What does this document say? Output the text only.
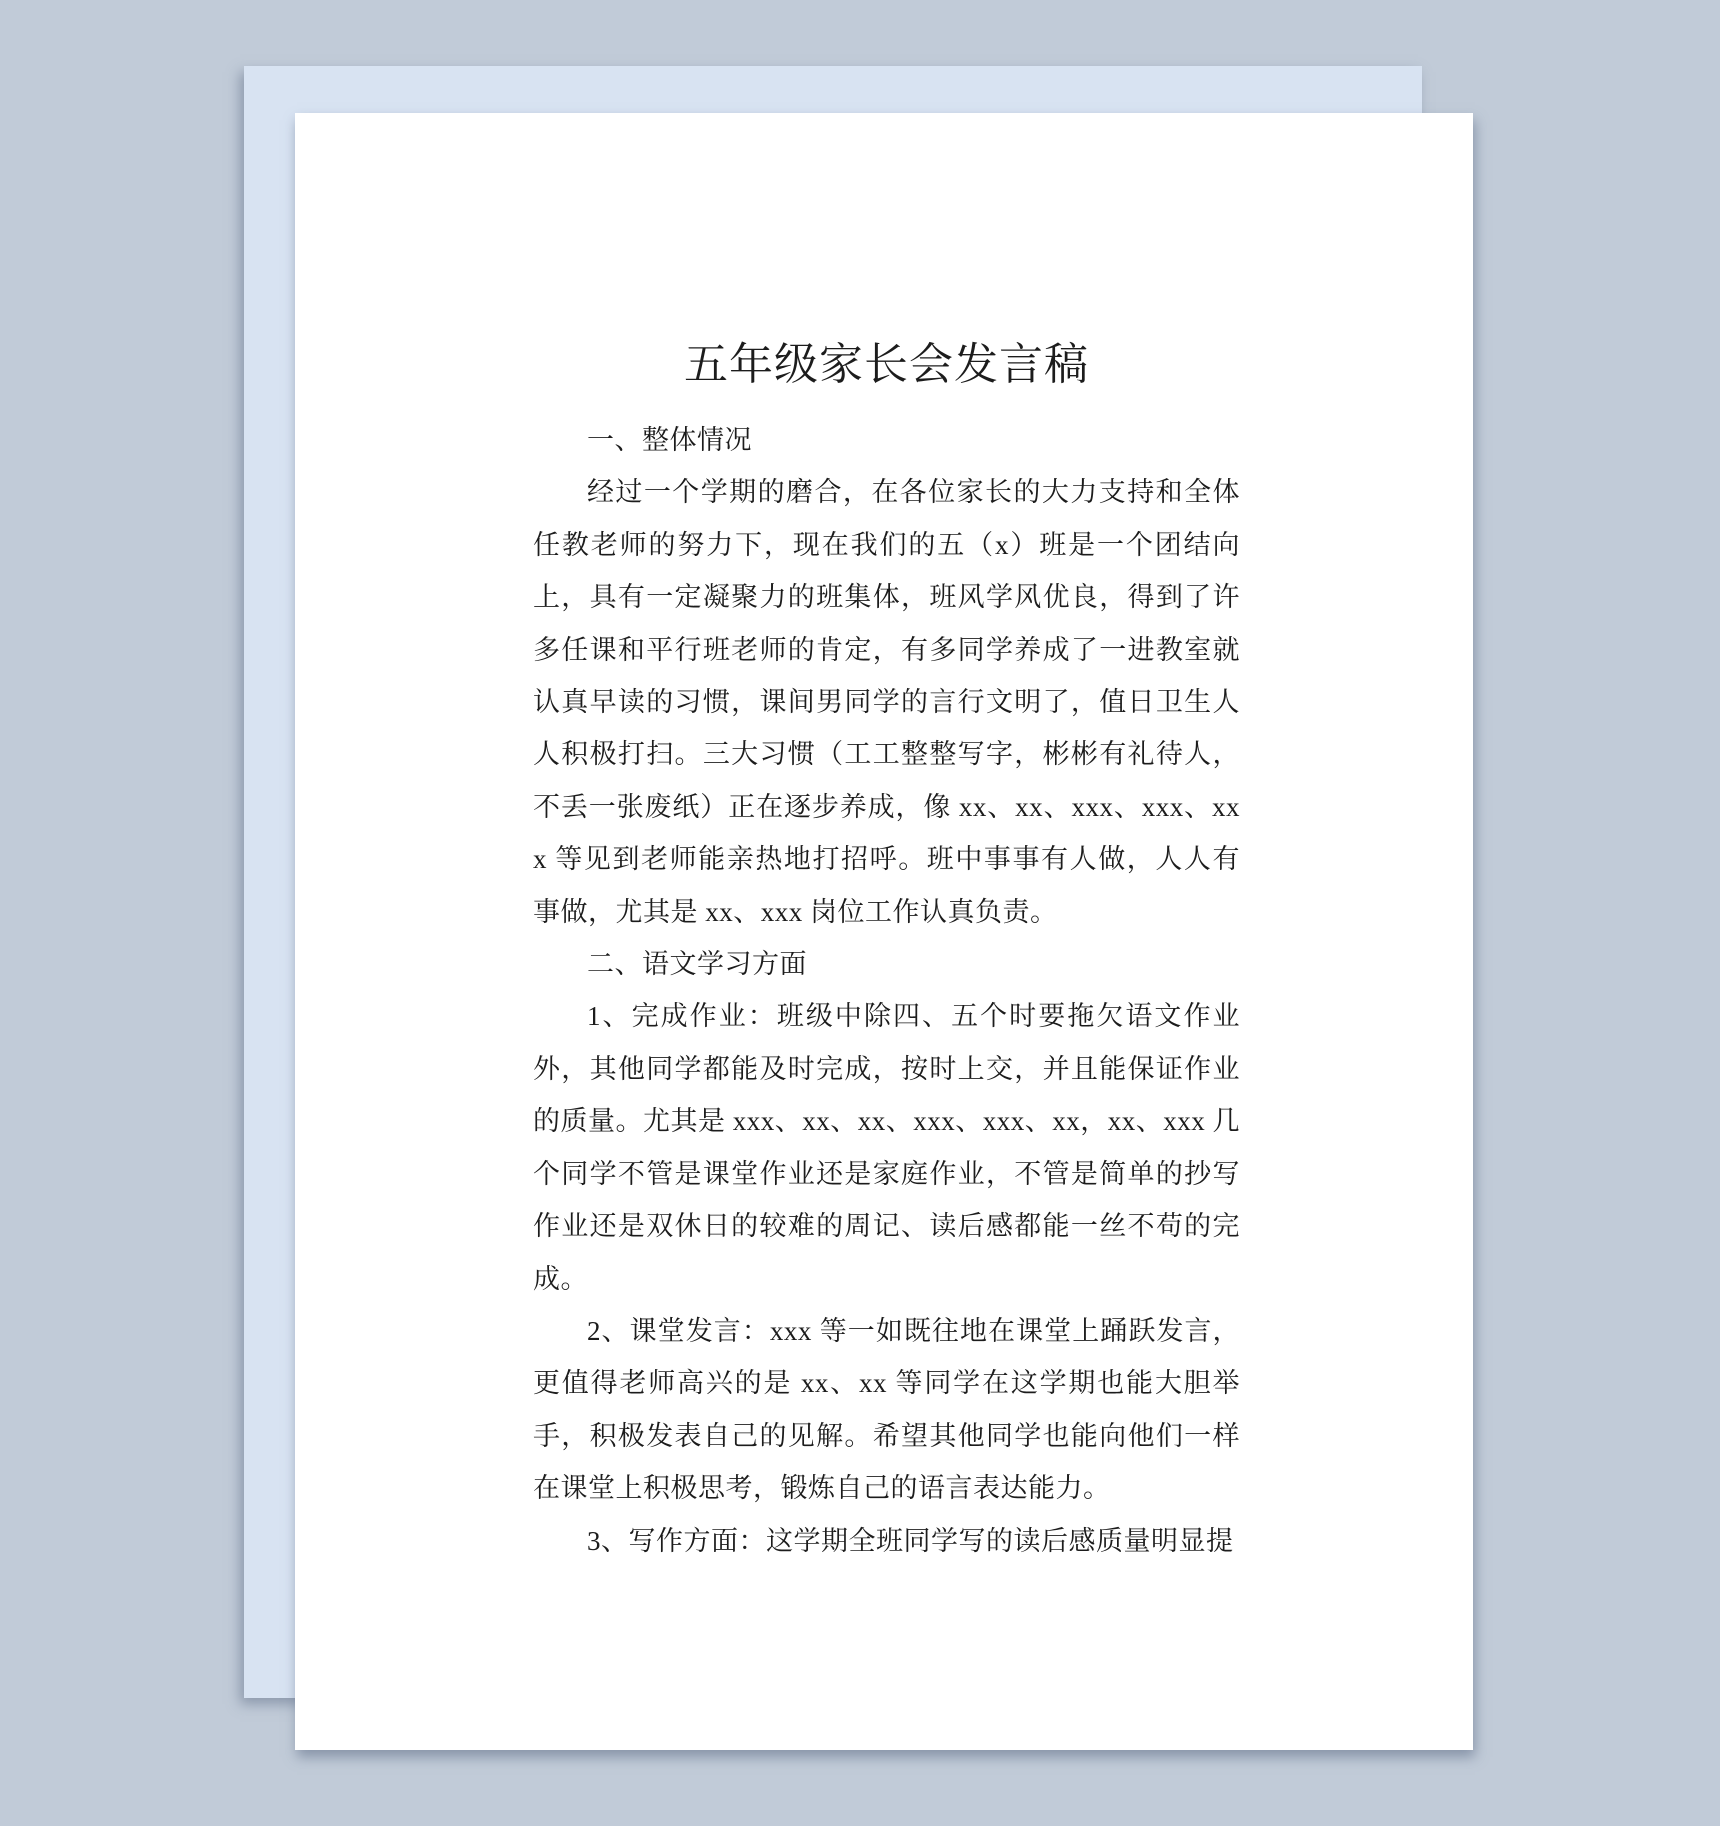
五年级家长会发言稿

一、整体情况

经过一个学期的磨合，在各位家长的大力支持和全体任教老师的努力下，现在我们的五（x）班是一个团结向上，具有一定凝聚力的班集体，班风学风优良，得到了许多任课和平行班老师的肯定，有多同学养成了一进教室就认真早读的习惯，课间男同学的言行文明了，值日卫生人人积极打扫。三大习惯（工工整整写字，彬彬有礼待人，不丢一张废纸）正在逐步养成，像 xx、xx、xxx、xxx、xxx 等见到老师能亲热地打招呼。班中事事有人做，人人有事做，尤其是 xx、xxx 岗位工作认真负责。

二、语文学习方面

1、完成作业：班级中除四、五个时要拖欠语文作业外，其他同学都能及时完成，按时上交，并且能保证作业的质量。尤其是 xxx、xx、xx、xxx、xxx、xx，xx、xxx 几个同学不管是课堂作业还是家庭作业，不管是简单的抄写作业还是双休日的较难的周记、读后感都能一丝不苟的完成。

2、课堂发言：xxx 等一如既往地在课堂上踊跃发言，更值得老师高兴的是 xx、xx 等同学在这学期也能大胆举手，积极发表自己的见解。希望其他同学也能向他们一样在课堂上积极思考，锻炼自己的语言表达能力。

3、写作方面：这学期全班同学写的读后感质量明显提
